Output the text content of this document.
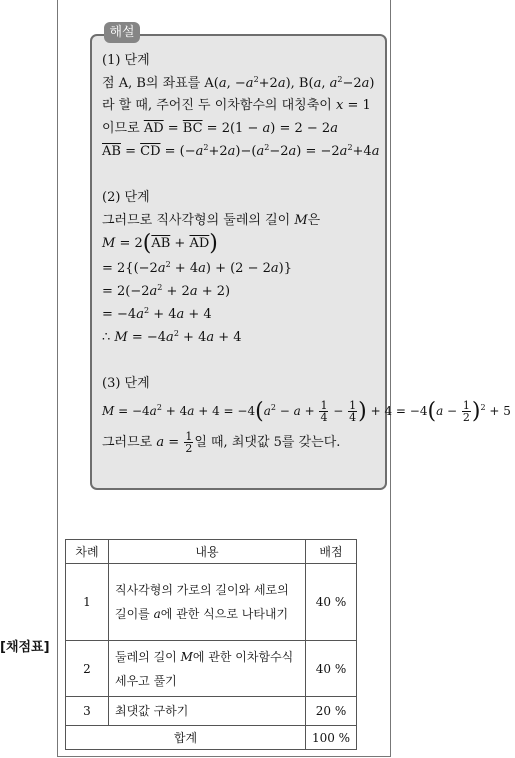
해설
(1) 단계
점 A, B의 좌표를 A(a, $-a^2+2a$), B(a, $a^2-2a$)
라 할 때, 주어진 두 이차함수의 대칭축이 x = 1
이므로 $\overline{AD} = \overline{BC} = 2(1 - a) = 2 - 2a$
$\overline{AB} = \overline{CD} = (-a^2+2a)-(a^2-2a) = -2a^2+4a$
(2) 단계
그러므로 직사각형의 둘레의 길이 M은
$M = 2(\overline{AB} + \overline{AD})$
= $2\{(-2a^2 + 4a) + (2 - 2a)\}$
= $2(-2a^2 + 2a + 2)$
= $-4a^2 + 4a + 4$
∴ $M = -4a^2 + 4a + 4$
(3) 단계
$M = -4a^2 + 4a + 4 = -4(a^2 - a + \frac{1}{4} - \frac{1}{4}$ ) + $4 = -4(a - \frac{1}{2} )^2 + 5$
그러므로 $a = \frac{1}{2}$ 일 때, 최댓값 5를 갖는다.
[채점표]
차례	내용	배점
1	직사각형의 가로의 길이와 세로의 길이를 a에 관한 식으로 나타내기	40 %
2	둘레의 길이 M에 관한 이차함수식 세우고 풀기	40 %
3	최댓값 구하기	20 %
합계		100 %
